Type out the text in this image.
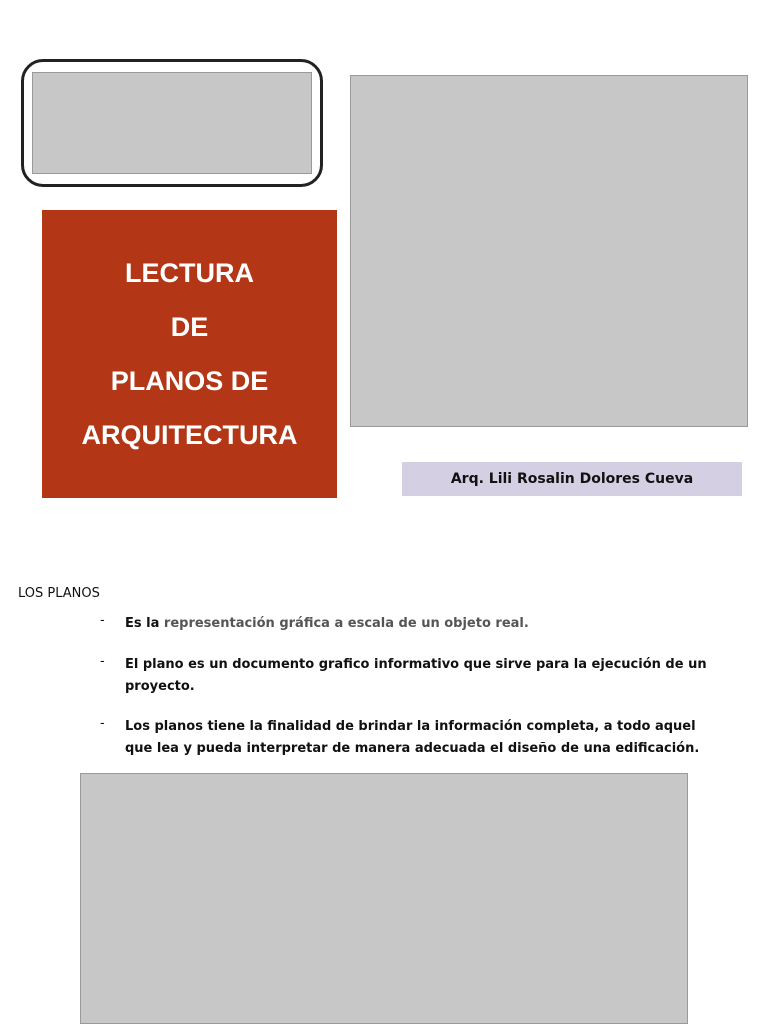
LECTURA
DE
PLANOS DE
ARQUITECTURA
Arq. Lili Rosalin Dolores Cueva
LOS PLANOS
- Es la representación gráfica a escala de un objeto real.
- El plano es un documento grafico informativo que sirve para la ejecución de un proyecto.
- Los planos tiene la finalidad de brindar la información completa, a todo aquel que lea y pueda interpretar de manera adecuada el diseño de una edificación.
